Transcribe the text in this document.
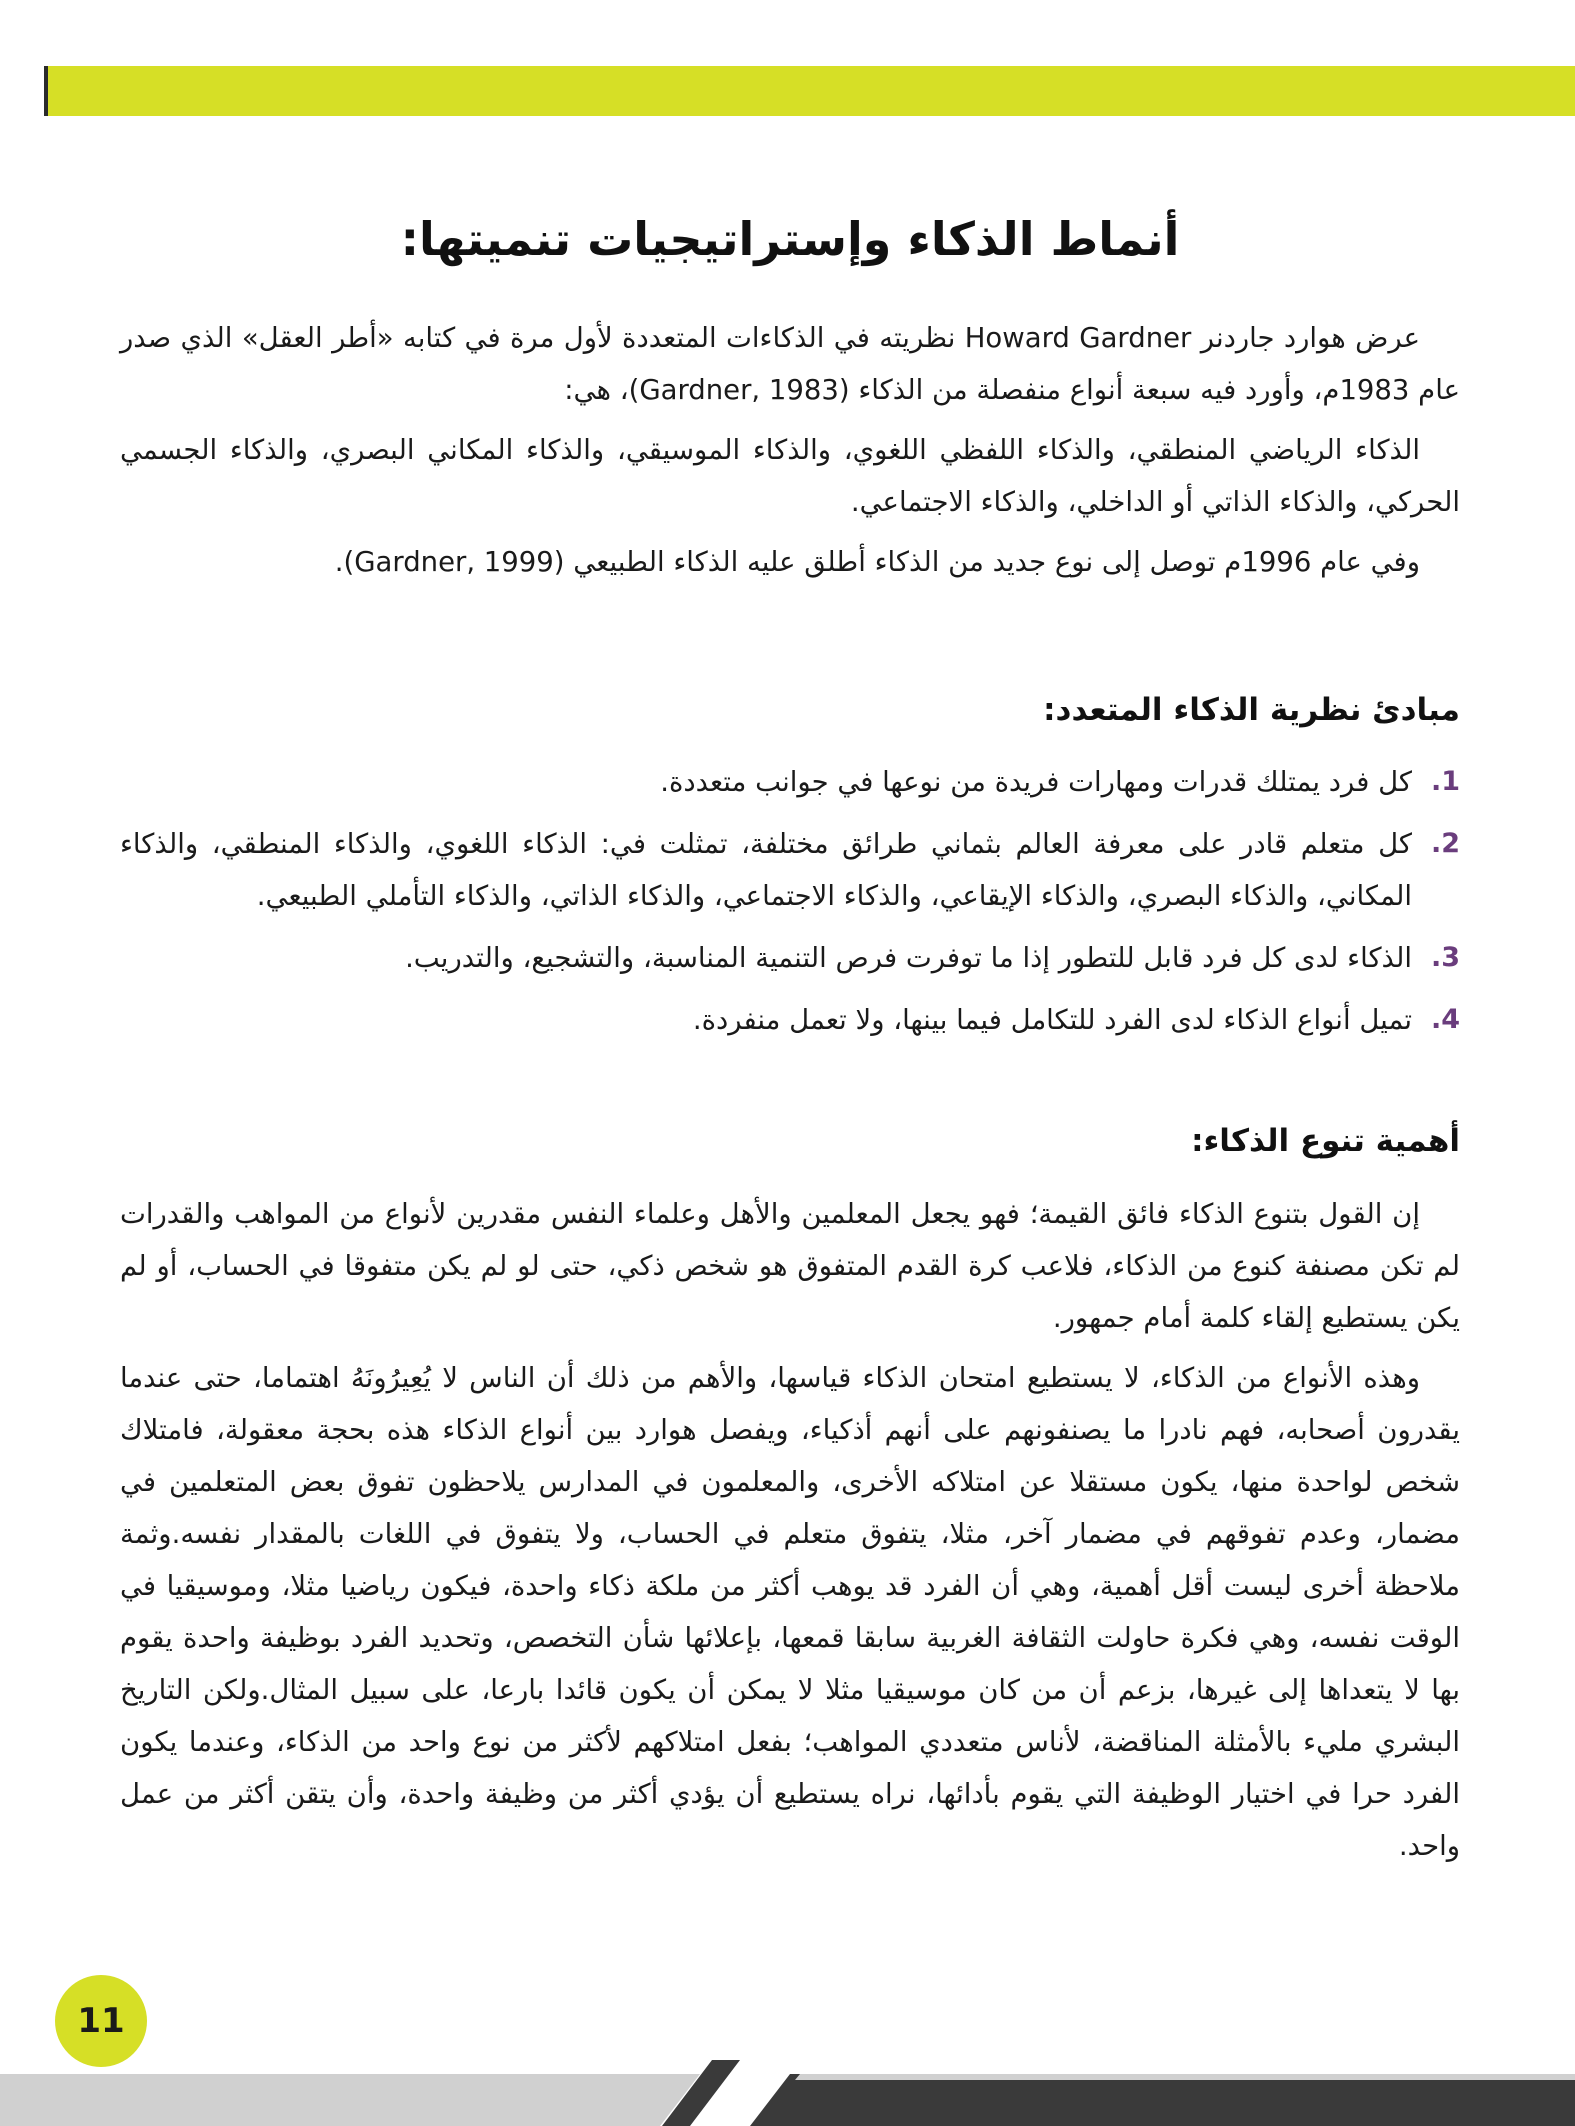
أنماط الذكاء وإستراتيجيات تنميتها:

عرض هوارد جاردنر Howard Gardner نظريته في الذكاءات المتعددة لأول مرة في كتابه «أطر العقل» الذي صدر عام 1983م، وأورد فيه سبعة أنواع منفصلة من الذكاء (Gardner, 1983)، هي:

الذكاء الرياضي المنطقي، والذكاء اللفظي اللغوي، والذكاء الموسيقي، والذكاء المكاني البصري، والذكاء الجسمي الحركي، والذكاء الذاتي أو الداخلي، والذكاء الاجتماعي.

وفي عام 1996م توصل إلى نوع جديد من الذكاء أطلق عليه الذكاء الطبيعي (Gardner, 1999).

مبادئ نظرية الذكاء المتعدد:
1.
كل فرد يمتلك قدرات ومهارات فريدة من نوعها في جوانب متعددة.
2.
كل متعلم قادر على معرفة العالم بثماني طرائق مختلفة، تمثلت في: الذكاء اللغوي، والذكاء المنطقي، والذكاء المكاني، والذكاء البصري، والذكاء الإيقاعي، والذكاء الاجتماعي، والذكاء الذاتي، والذكاء التأملي الطبيعي.
3.
الذكاء لدى كل فرد قابل للتطور إذا ما توفرت فرص التنمية المناسبة، والتشجيع، والتدريب.
4.
تميل أنواع الذكاء لدى الفرد للتكامل فيما بينها، ولا تعمل منفردة.
أهمية تنوع الذكاء:

إن القول بتنوع الذكاء فائق القيمة؛ فهو يجعل المعلمين والأهل وعلماء النفس مقدرين لأنواع من المواهب والقدرات لم تكن مصنفة كنوع من الذكاء، فلاعب كرة القدم المتفوق هو شخص ذكي، حتى لو لم يكن متفوقا في الحساب، أو لم يكن يستطيع إلقاء كلمة أمام جمهور.

وهذه الأنواع من الذكاء، لا يستطيع امتحان الذكاء قياسها، والأهم من ذلك أن الناس لا يُعِيرُونَهُ اهتماما، حتى عندما يقدرون أصحابه، فهم نادرا ما يصنفونهم على أنهم أذكياء، ويفصل هوارد بين أنواع الذكاء هذه بحجة معقولة، فامتلاك شخص لواحدة منها، يكون مستقلا عن امتلاكه الأخرى، والمعلمون في المدارس يلاحظون تفوق بعض المتعلمين في مضمار، وعدم تفوقهم في مضمار آخر، مثلا، يتفوق متعلم في الحساب، ولا يتفوق في اللغات بالمقدار نفسه.وثمة ملاحظة أخرى ليست أقل أهمية، وهي أن الفرد قد يوهب أكثر من ملكة ذكاء واحدة، فيكون رياضيا مثلا، وموسيقيا في الوقت نفسه، وهي فكرة حاولت الثقافة الغربية سابقا قمعها، بإعلائها شأن التخصص، وتحديد الفرد بوظيفة واحدة يقوم بها لا يتعداها إلى غيرها، بزعم أن من كان موسيقيا مثلا لا يمكن أن يكون قائدا بارعا، على سبيل المثال.ولكن التاريخ البشري مليء بالأمثلة المناقضة، لأناس متعددي المواهب؛ بفعل امتلاكهم لأكثر من نوع واحد من الذكاء، وعندما يكون الفرد حرا في اختيار الوظيفة التي يقوم بأدائها، نراه يستطيع أن يؤدي أكثر من وظيفة واحدة، وأن يتقن أكثر من عمل واحد.

11
